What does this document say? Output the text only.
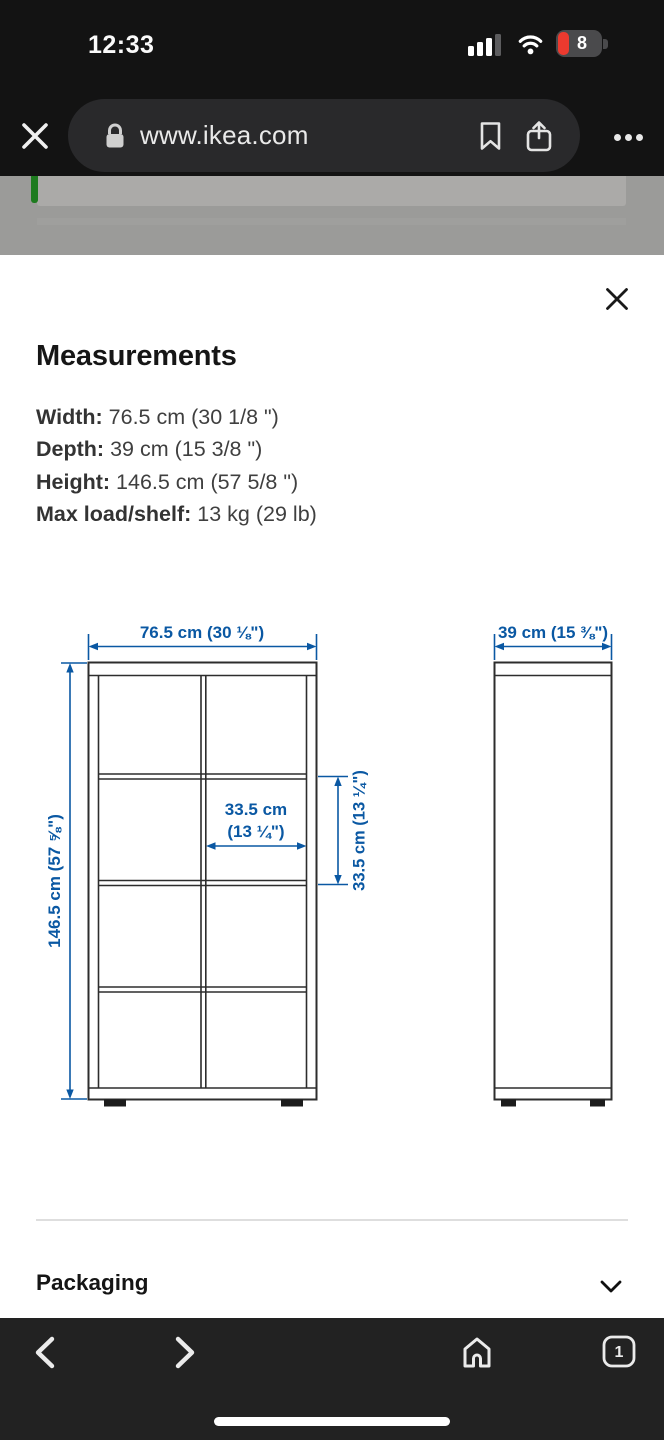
12:33	8
www.ikea.com
Measurements
Width: 76.5 cm (30 1/8 ")
Depth: 39 cm (15 3/8 ")
Height: 146.5 cm (57 5/8 ")
Max load/shelf: 13 kg (29 lb)
76.5 cm (30 ⅛")
146.5 cm (57 ⅝")
33.5 cm
(13 ¼")	33.5 cm (13 ¼")
39 cm (15 ⅜")
Packaging
1
